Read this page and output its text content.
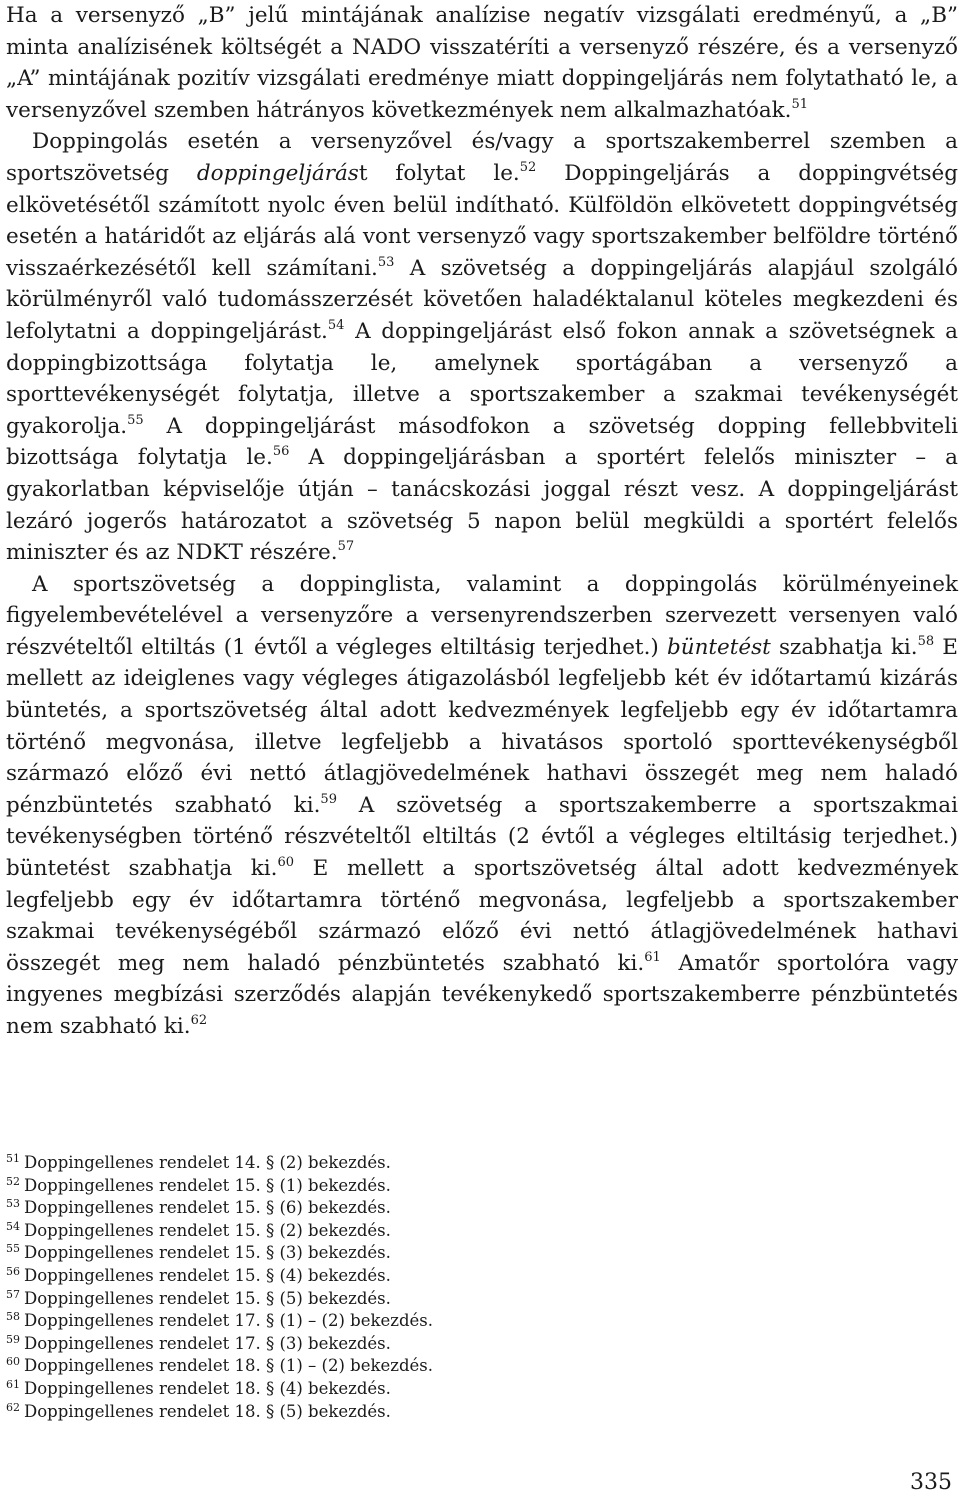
Ha a versenyző „B” jelű mintájának analízise negatív vizsgálati eredményű, a „B” minta analízisének költségét a NADO visszatéríti a versenyző részére, és a versenyző „A” mintájának pozitív vizsgálati eredménye miatt doppingeljárás nem folytatható le, a versenyzővel szemben hátrányos következmények nem alkalmazhatóak.$^{51}$

Doppingolás esetén a versenyzővel és/vagy a sportszakemberrel szemben a sportszövetség doppingeljárást folytat le.$^{52}$ Doppingeljárás a doppingvétség elkövetésétől számított nyolc éven belül indítható. Külföldön elkövetett doppingvétség esetén a határidőt az eljárás alá vont versenyző vagy sportszakember belföldre történő visszaérkezésétől kell számítani.$^{53}$ A szövetség a doppingeljárás alapjául szolgáló körülményről való tudomásszerzését követően haladéktalanul köteles megkezdeni és lefolytatni a doppingeljárást.$^{54}$ A doppingeljárást első fokon annak a szövetségnek a doppingbizottsága folytatja le, amelynek sportágában a versenyző a sporttevékenységét folytatja, illetve a sportszakember a szakmai tevékenységét gyakorolja.$^{55}$ A doppingeljárást másodfokon a szövetség dopping fellebbviteli bizottsága folytatja le.$^{56}$ A doppingeljárásban a sportért felelős miniszter – a gyakorlatban képviselője útján – tanácskozási joggal részt vesz. A doppingeljárást lezáró jogerős határozatot a szövetség 5 napon belül megküldi a sportért felelős miniszter és az NDKT részére.$^{57}$

A sportszövetség a doppinglista, valamint a doppingolás körülményeinek figyelembevételével a versenyzőre a versenyrendszerben szervezett versenyen való részvételtől eltiltás (1 évtől a végleges eltiltásig terjedhet.) büntetést szabhatja ki.$^{58}$ E mellett az ideiglenes vagy végleges átigazolásból legfeljebb két év időtartamú kizárás büntetés, a sportszövetség által adott kedvezmények legfeljebb egy év időtartamra történő megvonása, illetve legfeljebb a hivatásos sportoló sporttevékenységből származó előző évi nettó átlagjövedelmének hathavi összegét meg nem haladó pénzbüntetés szabható ki.$^{59}$ A szövetség a sportszakemberre a sportszakmai tevékenységben történő részvételtől eltiltás (2 évtől a végleges eltiltásig terjedhet.) büntetést szabhatja ki.$^{60}$ E mellett a sportszövetség által adott kedvezmények legfeljebb egy év időtartamra történő megvonása, legfeljebb a sportszakember szakmai tevékenységéből származó előző évi nettó átlagjövedelmének hathavi összegét meg nem haladó pénzbüntetés szabható ki.$^{61}$ Amatőr sportolóra vagy ingyenes megbízási szerződés alapján tevékenykedő sportszakemberre pénzbüntetés nem szabható ki.$^{62}$

$^{51}$ Doppingellenes rendelet 14. § (2) bekezdés.
$^{52}$ Doppingellenes rendelet 15. § (1) bekezdés.
$^{53}$ Doppingellenes rendelet 15. § (6) bekezdés.
$^{54}$ Doppingellenes rendelet 15. § (2) bekezdés.
$^{55}$ Doppingellenes rendelet 15. § (3) bekezdés.
$^{56}$ Doppingellenes rendelet 15. § (4) bekezdés.
$^{57}$ Doppingellenes rendelet 15. § (5) bekezdés.
$^{58}$ Doppingellenes rendelet 17. § (1) – (2) bekezdés.
$^{59}$ Doppingellenes rendelet 17. § (3) bekezdés.
$^{60}$ Doppingellenes rendelet 18. § (1) – (2) bekezdés.
$^{61}$ Doppingellenes rendelet 18. § (4) bekezdés.
$^{62}$ Doppingellenes rendelet 18. § (5) bekezdés.
335
